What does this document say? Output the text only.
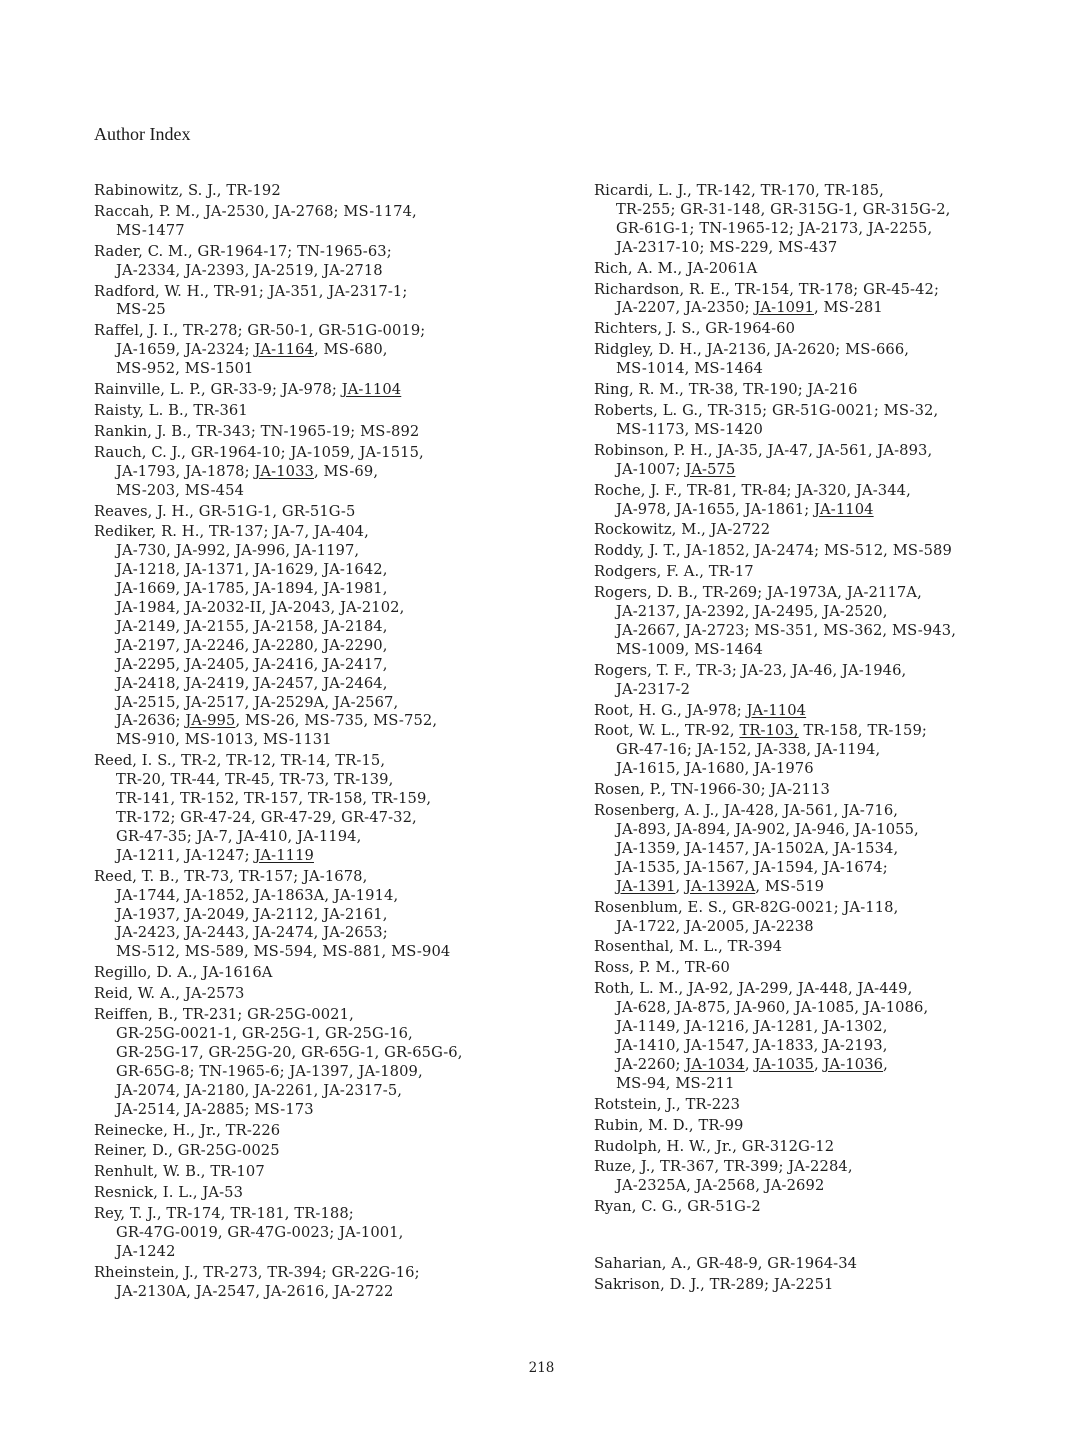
Author Index
Rabinowitz, S. J., TR-192
Raccah, P. M., JA-2530, JA-2768; MS-1174,
MS-1477
Rader, C. M., GR-1964-17; TN-1965-63;
JA-2334, JA-2393, JA-2519, JA-2718
Radford, W. H., TR-91; JA-351, JA-2317-1;
MS-25
Raffel, J. I., TR-278; GR-50-1, GR-51G-0019;
JA-1659, JA-2324; JA-1164, MS-680,
MS-952, MS-1501
Rainville, L. P., GR-33-9; JA-978; JA-1104
Raisty, L. B., TR-361
Rankin, J. B., TR-343; TN-1965-19; MS-892
Rauch, C. J., GR-1964-10; JA-1059, JA-1515,
JA-1793, JA-1878; JA-1033, MS-69,
MS-203, MS-454
Reaves, J. H., GR-51G-1, GR-51G-5
Rediker, R. H., TR-137; JA-7, JA-404,
JA-730, JA-992, JA-996, JA-1197,
JA-1218, JA-1371, JA-1629, JA-1642,
JA-1669, JA-1785, JA-1894, JA-1981,
JA-1984, JA-2032-II, JA-2043, JA-2102,
JA-2149, JA-2155, JA-2158, JA-2184,
JA-2197, JA-2246, JA-2280, JA-2290,
JA-2295, JA-2405, JA-2416, JA-2417,
JA-2418, JA-2419, JA-2457, JA-2464,
JA-2515, JA-2517, JA-2529A, JA-2567,
JA-2636; JA-995, MS-26, MS-735, MS-752,
MS-910, MS-1013, MS-1131
Reed, I. S., TR-2, TR-12, TR-14, TR-15,
TR-20, TR-44, TR-45, TR-73, TR-139,
TR-141, TR-152, TR-157, TR-158, TR-159,
TR-172; GR-47-24, GR-47-29, GR-47-32,
GR-47-35; JA-7, JA-410, JA-1194,
JA-1211, JA-1247; JA-1119
Reed, T. B., TR-73, TR-157; JA-1678,
JA-1744, JA-1852, JA-1863A, JA-1914,
JA-1937, JA-2049, JA-2112, JA-2161,
JA-2423, JA-2443, JA-2474, JA-2653;
MS-512, MS-589, MS-594, MS-881, MS-904
Regillo, D. A., JA-1616A
Reid, W. A., JA-2573
Reiffen, B., TR-231; GR-25G-0021,
GR-25G-0021-1, GR-25G-1, GR-25G-16,
GR-25G-17, GR-25G-20, GR-65G-1, GR-65G-6,
GR-65G-8; TN-1965-6; JA-1397, JA-1809,
JA-2074, JA-2180, JA-2261, JA-2317-5,
JA-2514, JA-2885; MS-173
Reinecke, H., Jr., TR-226
Reiner, D., GR-25G-0025
Renhult, W. B., TR-107
Resnick, I. L., JA-53
Rey, T. J., TR-174, TR-181, TR-188;
GR-47G-0019, GR-47G-0023; JA-1001,
JA-1242
Rheinstein, J., TR-273, TR-394; GR-22G-16;
JA-2130A, JA-2547, JA-2616, JA-2722
Ricardi, L. J., TR-142, TR-170, TR-185,
TR-255; GR-31-148, GR-315G-1, GR-315G-2,
GR-61G-1; TN-1965-12; JA-2173, JA-2255,
JA-2317-10; MS-229, MS-437
Rich, A. M., JA-2061A
Richardson, R. E., TR-154, TR-178; GR-45-42;
JA-2207, JA-2350; JA-1091, MS-281
Richters, J. S., GR-1964-60
Ridgley, D. H., JA-2136, JA-2620; MS-666,
MS-1014, MS-1464
Ring, R. M., TR-38, TR-190; JA-216
Roberts, L. G., TR-315; GR-51G-0021; MS-32,
MS-1173, MS-1420
Robinson, P. H., JA-35, JA-47, JA-561, JA-893,
JA-1007; JA-575
Roche, J. F., TR-81, TR-84; JA-320, JA-344,
JA-978, JA-1655, JA-1861; JA-1104
Rockowitz, M., JA-2722
Roddy, J. T., JA-1852, JA-2474; MS-512, MS-589
Rodgers, F. A., TR-17
Rogers, D. B., TR-269; JA-1973A, JA-2117A,
JA-2137, JA-2392, JA-2495, JA-2520,
JA-2667, JA-2723; MS-351, MS-362, MS-943,
MS-1009, MS-1464
Rogers, T. F., TR-3; JA-23, JA-46, JA-1946,
JA-2317-2
Root, H. G., JA-978; JA-1104
Root, W. L., TR-92, TR-103, TR-158, TR-159;
GR-47-16; JA-152, JA-338, JA-1194,
JA-1615, JA-1680, JA-1976
Rosen, P., TN-1966-30; JA-2113
Rosenberg, A. J., JA-428, JA-561, JA-716,
JA-893, JA-894, JA-902, JA-946, JA-1055,
JA-1359, JA-1457, JA-1502A, JA-1534,
JA-1535, JA-1567, JA-1594, JA-1674;
JA-1391, JA-1392A, MS-519
Rosenblum, E. S., GR-82G-0021; JA-118,
JA-1722, JA-2005, JA-2238
Rosenthal, M. L., TR-394
Ross, P. M., TR-60
Roth, L. M., JA-92, JA-299, JA-448, JA-449,
JA-628, JA-875, JA-960, JA-1085, JA-1086,
JA-1149, JA-1216, JA-1281, JA-1302,
JA-1410, JA-1547, JA-1833, JA-2193,
JA-2260; JA-1034, JA-1035, JA-1036,
MS-94, MS-211
Rotstein, J., TR-223
Rubin, M. D., TR-99
Rudolph, H. W., Jr., GR-312G-12
Ruze, J., TR-367, TR-399; JA-2284,
JA-2325A, JA-2568, JA-2692
Ryan, C. G., GR-51G-2
Saharian, A., GR-48-9, GR-1964-34
Sakrison, D. J., TR-289; JA-2251
218
